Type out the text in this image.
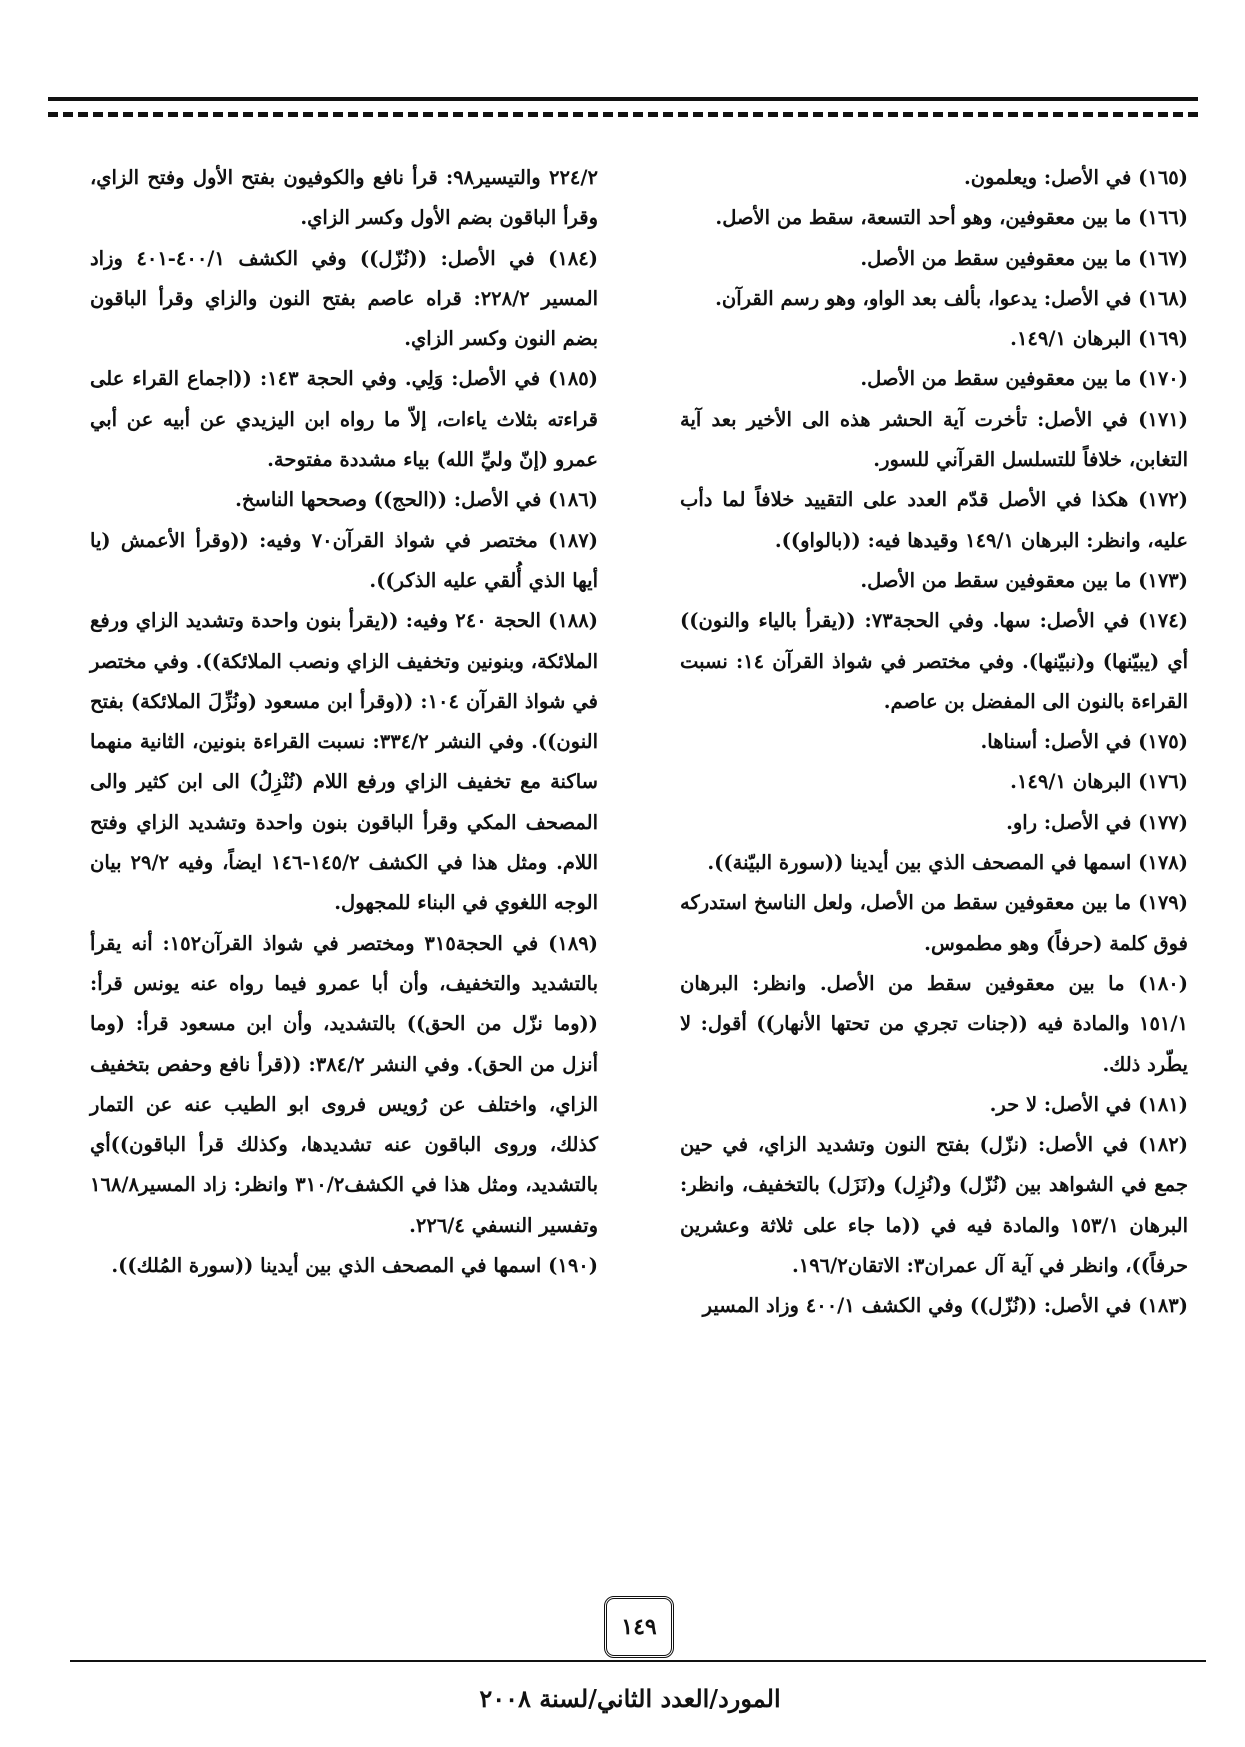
(١٦٥) في الأصل: ويعلمون.

(١٦٦) ما بين معقوفين، وهو أحد التسعة، سقط من الأصل.

(١٦٧) ما بين معقوفين سقط من الأصل.

(١٦٨) في الأصل: يدعوا، بألف بعد الواو، وهو رسم القرآن.

(١٦٩) البرهان ١٤٩/١.

(١٧٠) ما بين معقوفين سقط من الأصل.

(١٧١) في الأصل: تأخرت آية الحشر هذه الى الأخير بعد آية التغابن، خلافاً للتسلسل القرآني للسور.

(١٧٢) هكذا في الأصل قدّم العدد على التقييد خلافاً لما دأب عليه، وانظر: البرهان ١٤٩/١ وقيدها فيه: ((بالواو)).

(١٧٣) ما بين معقوفين سقط من الأصل.

(١٧٤) في الأصل: سها. وفي الحجة٧٣: ((يقرأ بالياء والنون)) أي (يبيّنها) و(نبيّنها). وفي مختصر في شواذ القرآن ١٤: نسبت القراءة بالنون الى المفضل بن عاصم.

(١٧٥) في الأصل: أسناها.

(١٧٦) البرهان ١٤٩/١.

(١٧٧) في الأصل: راو.

(١٧٨) اسمها في المصحف الذي بين أيدينا ((سورة البيّنة)).

(١٧٩) ما بين معقوفين سقط من الأصل، ولعل الناسخ استدركه فوق كلمة (حرفاً) وهو مطموس.

(١٨٠) ما بين معقوفين سقط من الأصل. وانظر: البرهان ١٥١/١ والمادة فيه ((جنات تجري من تحتها الأنهار)) أقول: لا يطّرد ذلك.

(١٨١) في الأصل: لا حر.

(١٨٢) في الأصل: (نزّل) بفتح النون وتشديد الزاي، في حين جمع في الشواهد بين (نُزّل) و(نُزِل) و(نَزَل) بالتخفيف، وانظر: البرهان ١٥٣/١ والمادة فيه في ((ما جاء على ثلاثة وعشرين حرفاً))، وانظر في آية آل عمران٣: الاتقان١٩٦/٢.

(١٨٣) في الأصل: ((نُزّل)) وفي الكشف ٤٠٠/١ وزاد المسير

٢٢٤/٢ والتيسير٩٨: قرأ نافع والكوفيون بفتح الأول وفتح الزاي، وقرأ الباقون بضم الأول وكسر الزاي.

(١٨٤) في الأصل: ((نُزّل)) وفي الكشف ٤٠٠/١-٤٠١ وزاد المسير ٢٢٨/٢: قراه عاصم بفتح النون والزاي وقرأ الباقون بضم النون وكسر الزاي.

(١٨٥) في الأصل: وَلِي. وفي الحجة ١٤٣: ((اجماع القراء على قراءته بثلاث ياءات، إلاّ ما رواه ابن اليزيدي عن أبيه عن أبي عمرو (إنّ وليِّ الله) بياء مشددة مفتوحة.

(١٨٦) في الأصل: ((الحج)) وصححها الناسخ.

(١٨٧) مختصر في شواذ القرآن٧٠ وفيه: ((وقرأ الأعمش (يا أيها الذي أُلقي عليه الذكر)).

(١٨٨) الحجة ٢٤٠ وفيه: ((يقرأ بنون واحدة وتشديد الزاي ورفع الملائكة، وبنونين وتخفيف الزاي ونصب الملائكة)). وفي مختصر في شواذ القرآن ١٠٤: ((وقرأ ابن مسعود (ونُزِّلَ الملائكة) بفتح النون)). وفي النشر ٣٣٤/٢: نسبت القراءة بنونين، الثانية منهما ساكنة مع تخفيف الزاي ورفع اللام (نُنْزِلُ) الى ابن كثير والى المصحف المكي وقرأ الباقون بنون واحدة وتشديد الزاي وفتح اللام. ومثل هذا في الكشف ١٤٥/٢-١٤٦ ايضاً، وفيه ٢٩/٢ بيان الوجه اللغوي في البناء للمجهول.

(١٨٩) في الحجة٣١٥ ومختصر في شواذ القرآن١٥٢: أنه يقرأ بالتشديد والتخفيف، وأن أبا عمرو فيما رواه عنه يونس قرأ: ((وما نزّل من الحق)) بالتشديد، وأن ابن مسعود قرأ: (وما أنزل من الحق). وفي النشر ٣٨٤/٢: ((قرأ نافع وحفص بتخفيف الزاي، واختلف عن رُويس فروى ابو الطيب عنه عن التمار كذلك، وروى الباقون عنه تشديدها، وكذلك قرأ الباقون))أي بالتشديد، ومثل هذا في الكشف٣١٠/٢ وانظر: زاد المسير١٦٨/٨ وتفسير النسفي ٢٢٦/٤.

(١٩٠) اسمها في المصحف الذي بين أيدينا ((سورة المُلك)).

١٤٩
المورد/العدد الثاني/لسنة ٢٠٠٨
